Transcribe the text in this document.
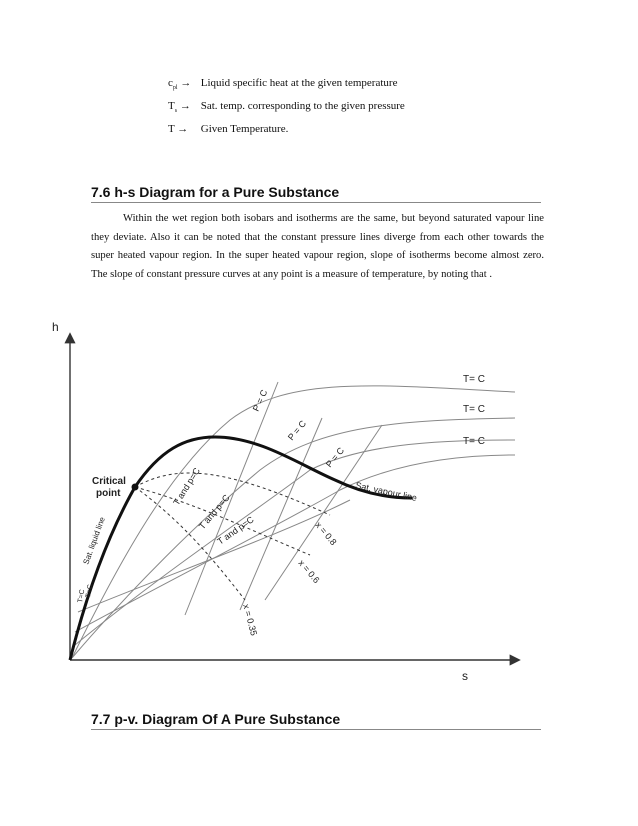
$c_{pl}$ → Liquid specific heat at the given temperature
$T_s$ → Sat. temp. corresponding to the given pressure
T → Given Temperature.
7.6 h-s Diagram for a Pure Substance
Within the wet region both isobars and isotherms are the same, but beyond saturated vapour line they deviate. Also it can be noted that the constant pressure lines diverge from each other towards the super heated vapour region. In the super heated vapour region, slope of isotherms become almost zero. The slope of constant pressure curves at any point is a measure of temperature, by noting that .
h
s
Critical
point
Sat. liquid line
Sat. vapour line
T= C
T= C
T= C
P = C
P = C
P = C
T and p=C
T and p=C
T and p=C	x = 0.8
x = 0.6
x = 0.35
T=C
T=C
7.7 p-v. Diagram Of A Pure Substance
